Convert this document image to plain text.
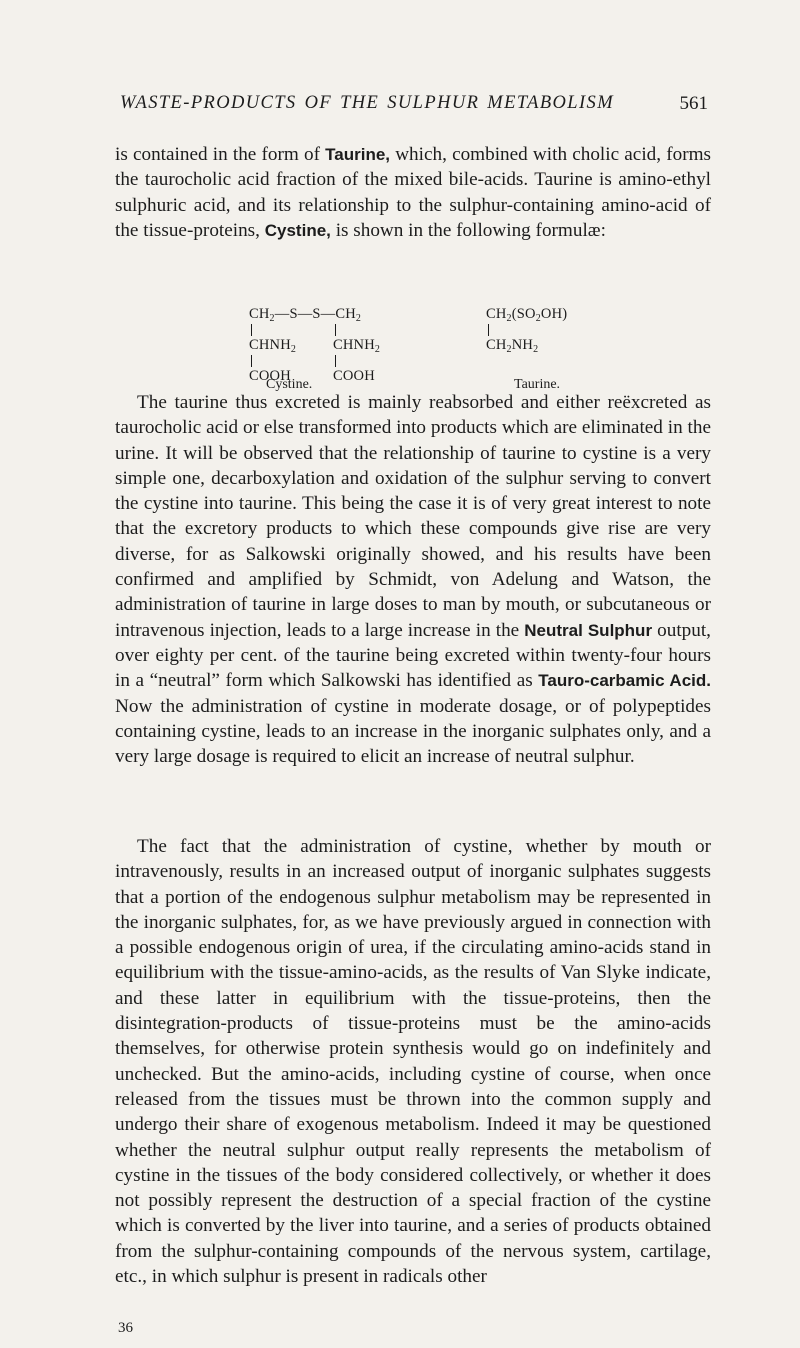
WASTE-PRODUCTS OF THE SULPHUR METABOLISM	561
is contained in the form of Taurine, which, combined with cholic acid, forms the taurocholic acid fraction of the mixed bile-acids. Taurine is amino-ethyl sulphuric acid, and its relationship to the sulphur-containing amino-acid of the tissue-proteins, Cystine, is shown in the following formulæ:
$CH_2—S—S—CH_2$
$CHNH_2$	$CHNH_2$
COOH	COOH
Cystine.
$CH_2(SO_2OH)$
$CH_2NH_2$
Taurine.
The taurine thus excreted is mainly reabsorbed and either reëxcreted as taurocholic acid or else transformed into products which are eliminated in the urine. It will be observed that the relationship of taurine to cystine is a very simple one, decarboxylation and oxidation of the sulphur serving to convert the cystine into taurine. This being the case it is of very great interest to note that the excretory products to which these compounds give rise are very diverse, for as Salkowski originally showed, and his results have been confirmed and amplified by Schmidt, von Adelung and Watson, the administration of taurine in large doses to man by mouth, or subcutaneous or intravenous injection, leads to a large increase in the Neutral Sulphur output, over eighty per cent. of the taurine being excreted within twenty-four hours in a “neutral” form which Salkowski has identified as Tauro-carbamic Acid. Now the administration of cystine in moderate dosage, or of polypeptides containing cystine, leads to an increase in the inorganic sulphates only, and a very large dosage is required to elicit an increase of neutral sulphur.
The fact that the administration of cystine, whether by mouth or intravenously, results in an increased output of inorganic sulphates suggests that a portion of the endogenous sulphur metabolism may be represented in the inorganic sulphates, for, as we have previously argued in connection with a possible endogenous origin of urea, if the circulating amino-acids stand in equilibrium with the tissue-amino-acids, as the results of Van Slyke indicate, and these latter in equilibrium with the tissue-proteins, then the disintegration-products of tissue-proteins must be the amino-acids themselves, for otherwise protein synthesis would go on indefinitely and unchecked. But the amino-acids, including cystine of course, when once released from the tissues must be thrown into the common supply and undergo their share of exogenous metabolism. Indeed it may be questioned whether the neutral sulphur output really represents the metabolism of cystine in the tissues of the body considered collectively, or whether it does not possibly represent the destruction of a special fraction of the cystine which is converted by the liver into taurine, and a series of products obtained from the sulphur-containing compounds of the nervous system, cartilage, etc., in which sulphur is present in radicals other
36
